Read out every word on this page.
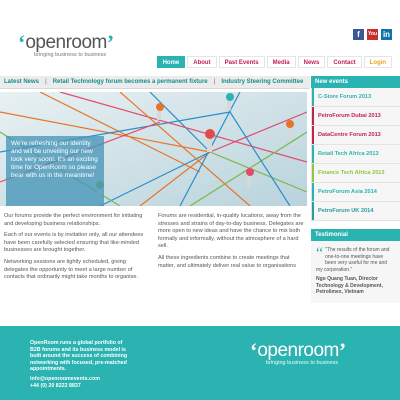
‘openroom’
bringing business to business
f	You Tube
in
Home	About	Past Events	Media	News	Contact	Login
Latest News | Retail Technology forum becomes a permanent fixture | Industry Steering Committee
We're refreshing our identity and will be unveiling our new look very soon!. It's an exciting time for OpenRoom so please bear with us in the meantime!

Our forums provide the perfect environment for initiating and developing business relationships.

Each of our events is by invitation only, all our attendees have been carefully selected ensuring that like-minded businesses are brought together.

Networking sessions are tightly scheduled, giving delegates the opportunity to meet a large number of contacts that ordinarily might take months to organise.

Forums are residential, in-quality locations, away from the stresses and strains of day-to-day business. Delegates are more open to new ideas and have the chance to mix both formally and informally, without the atmosphere of a hard sell.

All these ingredients combine to create meetings that matter, and ultimately deliver real value to organisations

New events
C-Store Forum 2013
PetroForum Dubai 2013
DataCentre Forum 2013
Retail Tech Africa 2013
Finance Tech Africa 2013
PetroForum Asia 2014
PetroForum UK 2014
Testimonial
“ "The results of the forum and one-to-one meetings have been very useful for me and my corporation."
Ngo Quang Tuan, Director Technology & Development, Petrolimex, Vietnam
OpenRoom runs a global portfolio of B2B forums and its business model is built around the success of combining networking with focused, pre-matched appointments.
info@openroomevents.com
+44 (0) 20 8222 8837
‘openroom’
bringing business to business
